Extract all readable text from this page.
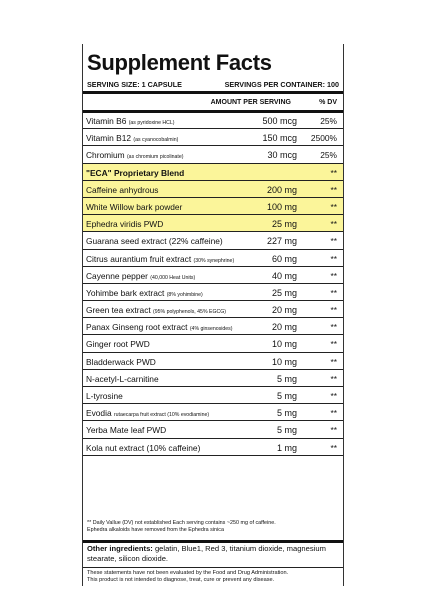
Supplement Facts
SERVING SIZE: 1 CAPSULE	SERVINGS PER CONTAINER: 100
AMOUNT PER SERVING	% DV
Vitamin B6 (as pyridoxine HCL)	500 mcg	25%
Vitamin B12 (as cyanocobalmin)	150 mcg 2500%
Chromium (as chromium picolinate)	30 mcg	25%
"ECA" Proprietary Blend	**
Caffeine anhydrous	200 mg	**
White Willow bark powder	100 mg	**
Ephedra viridis PWD	25 mg	**
Guarana seed extract (22% caffeine)	227 mg	**
Citrus aurantium fruit extract (30% synephrine)	60 mg	**
Cayenne pepper (40,000 Heat Units)	40 mg	**
Yohimbe bark extract (8% yohimbine)	25 mg	**
Green tea extract (95% polyphenols, 45% EGCG)	20 mg	**
Panax Ginseng root extract (4% ginsenosides)	20 mg	**
Ginger root PWD	10 mg	**
Bladderwack PWD	10 mg	**
N-acetyl-L-carnitine	5 mg	**
L-tyrosine	5 mg	**
Evodia rutaecarpa fruit extract (10% evodiamine)	5 mg	**
Yerba Mate leaf PWD	5 mg	**
Kola nut extract (10% caffeine)	1 mg	**
** Daily Vallue (DV) not established Each serving contains ~250 mg of caffeine.
Ephedra alkaloids have removed from the Ephedra sinica
Other ingredients: gelatin, Blue1, Red 3, titanium dioxide, magnesium stearate, silicon dioxide.
These statements have not been evaluated by the Food and Drug Administration.
This product is not intended to diagnose, treat, cure or prevent any disease.
